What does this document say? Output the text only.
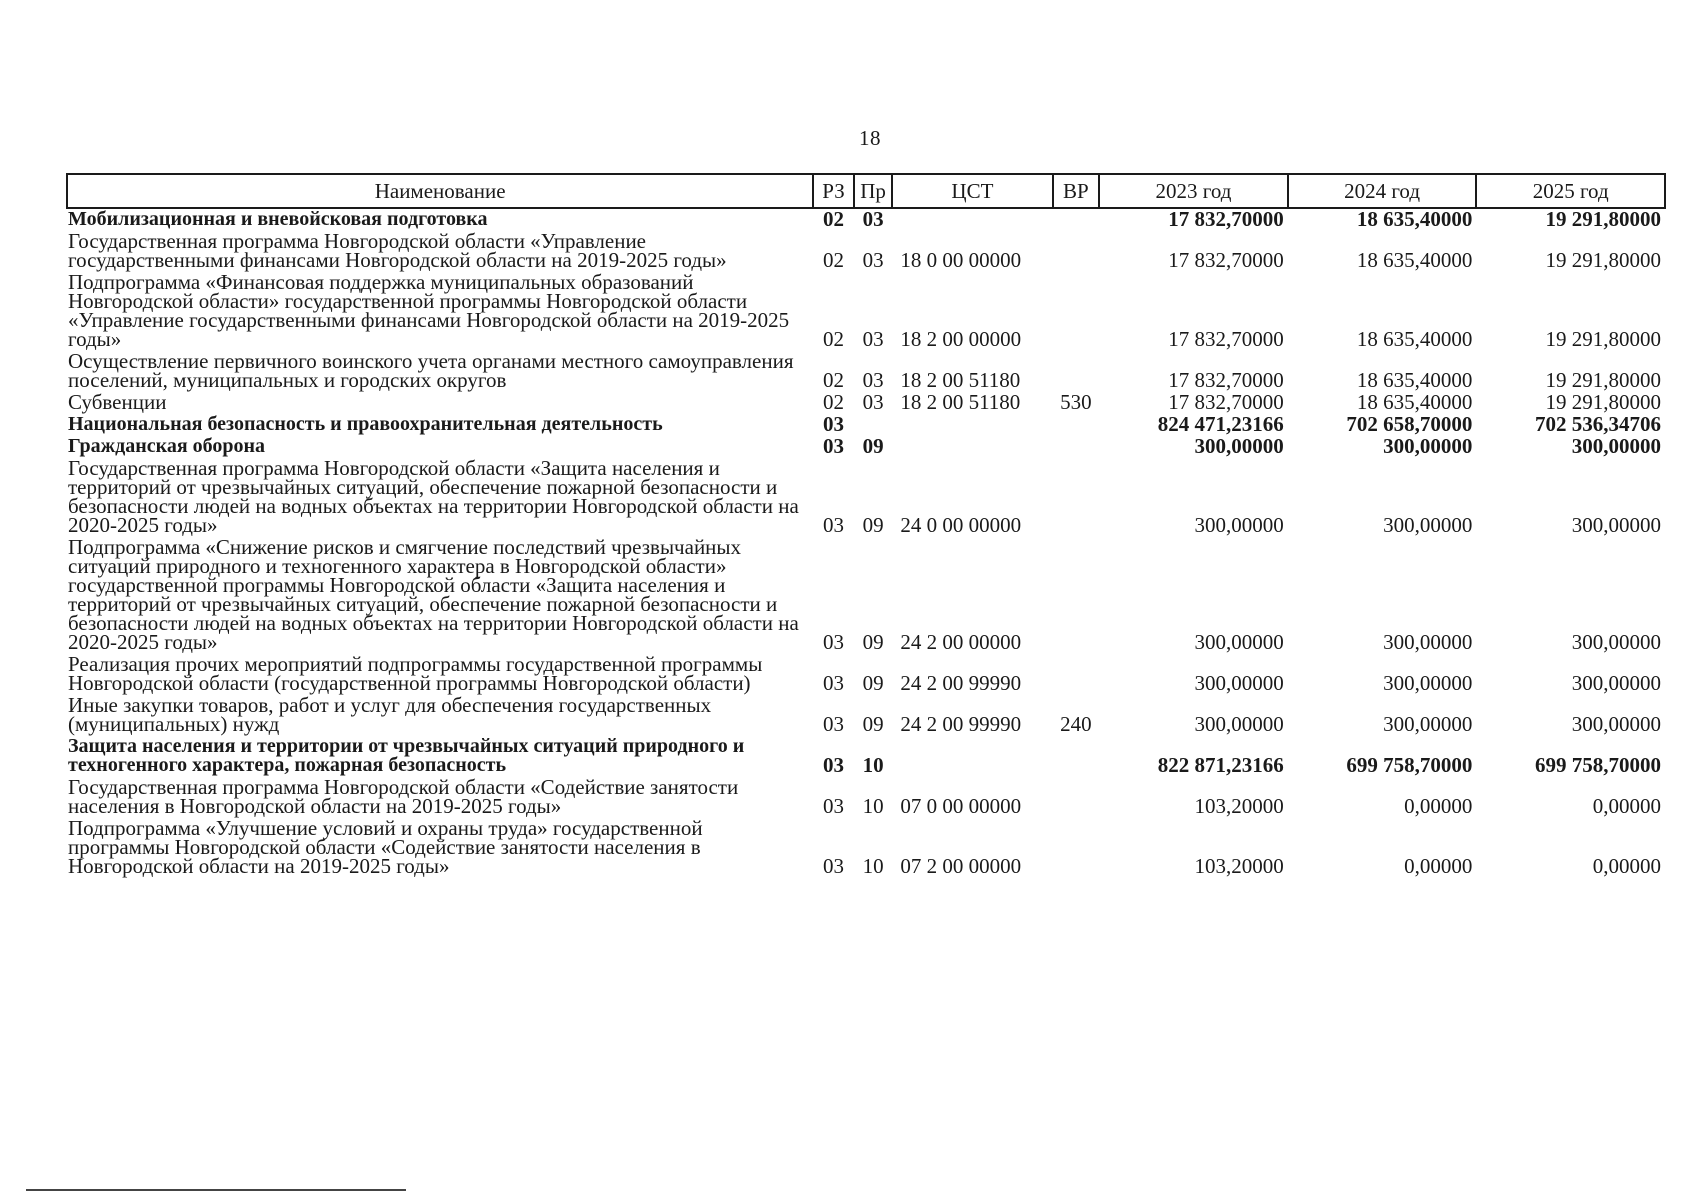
18
Наименование	РЗ	Пр	ЦСТ	ВР	2023 год	2024 год	2025 год
Мобилизационная и вневойсковая подготовка	02	03			17 832,70000	18 635,40000	19 291,80000
Государственная программа Новгородской области «Управление государственными финансами Новгородской области на 2019-2025 годы»	02	03	18 0 00 00000		17 832,70000	18 635,40000	19 291,80000
Подпрограмма «Финансовая поддержка муниципальных образований Новгородской области» государственной программы Новгородской области «Управление государственными финансами Новгородской области на 2019-2025 годы»	02	03	18 2 00 00000		17 832,70000	18 635,40000	19 291,80000
Осуществление первичного воинского учета органами местного самоуправления поселений, муниципальных и городских округов	02	03	18 2 00 51180		17 832,70000	18 635,40000	19 291,80000
Субвенции	02	03	18 2 00 51180	530	17 832,70000	18 635,40000	19 291,80000
Национальная безопасность и правоохранительная деятельность	03				824 471,23166	702 658,70000	702 536,34706
Гражданская оборона	03	09			300,00000	300,00000	300,00000
Государственная программа Новгородской области «Защита населения и территорий от чрезвычайных ситуаций, обеспечение пожарной безопасности и безопасности людей на водных объектах на территории Новгородской области на 2020-2025 годы»	03	09	24 0 00 00000		300,00000	300,00000	300,00000
Подпрограмма «Снижение рисков и смягчение последствий чрезвычайных ситуаций природного и техногенного характера в Новгородской области» государственной программы Новгородской области «Защита населения и территорий от чрезвычайных ситуаций, обеспечение пожарной безопасности и безопасности людей на водных объектах на территории Новгородской области на 2020-2025 годы»	03	09	24 2 00 00000		300,00000	300,00000	300,00000
Реализация прочих мероприятий подпрограммы государственной программы Новгородской области (государственной программы Новгородской области)	03	09	24 2 00 99990		300,00000	300,00000	300,00000
Иные закупки товаров, работ и услуг для обеспечения государственных (муниципальных) нужд	03	09	24 2 00 99990	240	300,00000	300,00000	300,00000
Защита населения и территории от чрезвычайных ситуаций природного и техногенного характера, пожарная безопасность	03	10			822 871,23166	699 758,70000	699 758,70000
Государственная программа Новгородской области «Содействие занятости населения в Новгородской области на 2019-2025 годы»	03	10	07 0 00 00000		103,20000	0,00000	0,00000
Подпрограмма «Улучшение условий и охраны труда» государственной программы Новгородской области «Содействие занятости населения в Новгородской области на 2019-2025 годы»	03	10	07 2 00 00000		103,20000	0,00000	0,00000
